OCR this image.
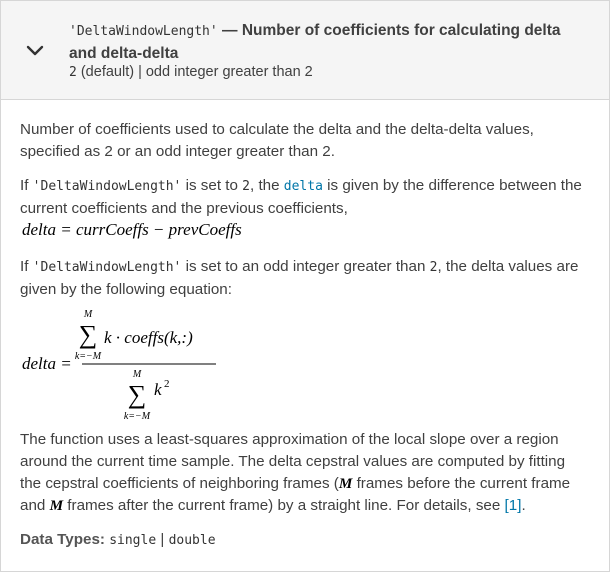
'DeltaWindowLength' — Number of coefficients for calculating delta and delta-delta
2 (default) | odd integer greater than 2

Number of coefficients used to calculate the delta and the delta-delta values, specified as 2 or an odd integer greater than 2.

If 'DeltaWindowLength' is set to 2, the delta is given by the difference between the current coefficients and the previous coefficients,

delta = currCoeffs − prevCoeffs

If 'DeltaWindowLength' is set to an odd integer greater than 2, the delta values are given by the following equation:

delta =
M
∑
k=−M
k · coeffs(k,:)
M
∑
k=−M
k 2

The function uses a least-squares approximation of the local slope over a region around the current time sample. The delta cepstral values are computed by fitting the cepstral coefficients of neighboring frames (M frames before the current frame and M frames after the current frame) by a straight line. For details, see [1].

Data Types: single | double
